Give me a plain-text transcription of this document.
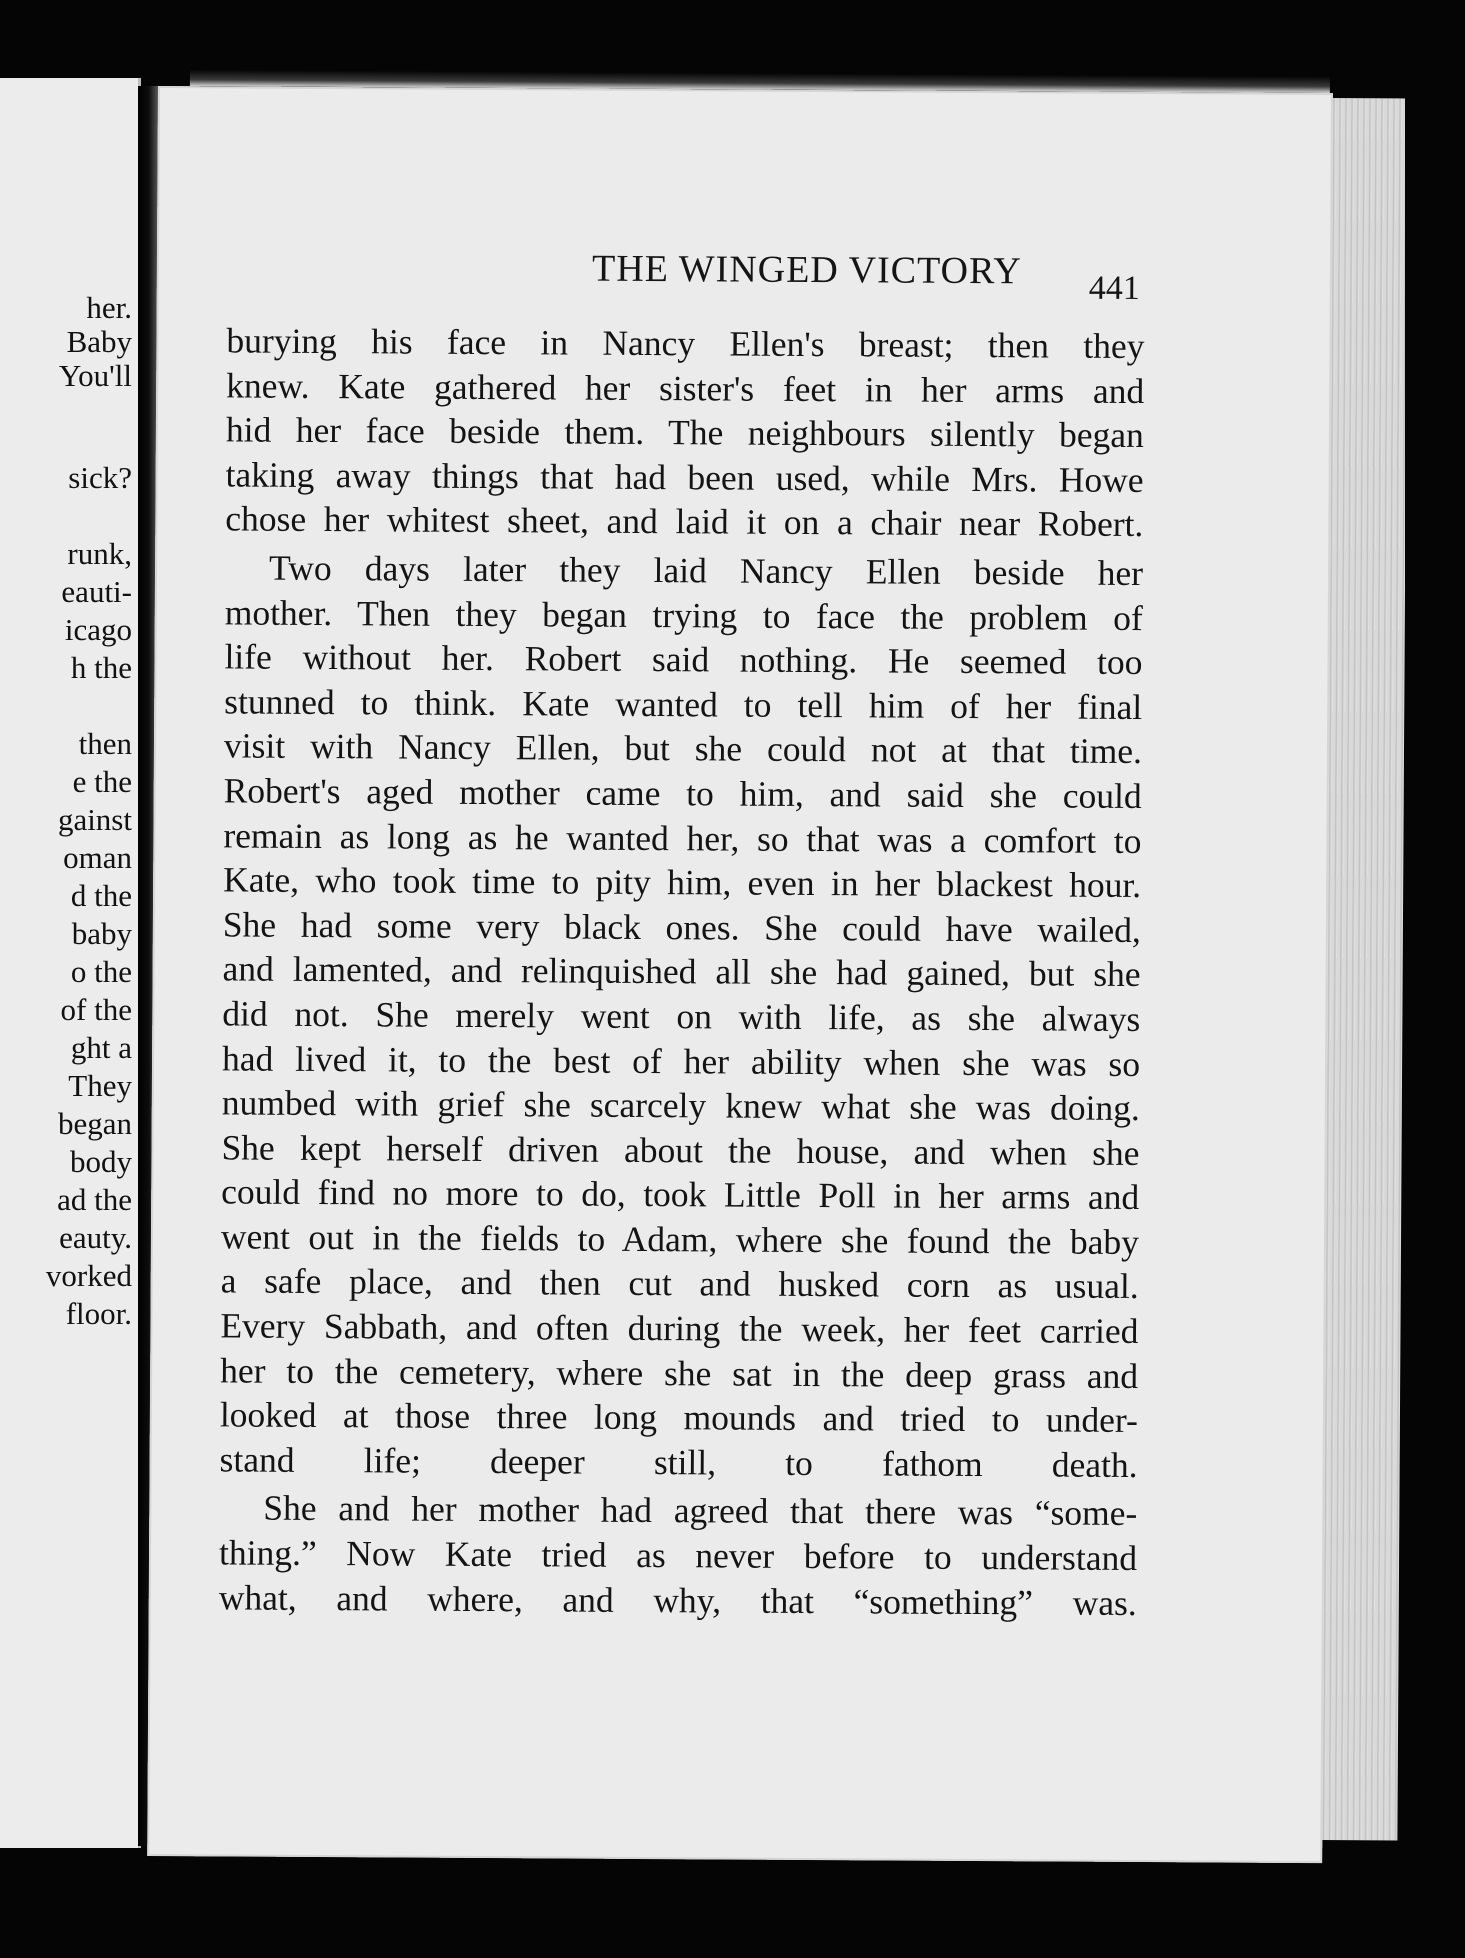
her.
Baby
You'll
sick?
runk,
eauti-
icago
h the
then
e the
gainst
oman
d the
baby
o the
of the
ght a
They
began
body
ad the
eauty.
vorked
floor.
THE WINGED VICTORY	441
burying his face in Nancy Ellen's breast; then they
knew. Kate gathered her sister's feet in her arms and
hid her face beside them. The neighbours silently began
taking away things that had been used, while Mrs. Howe
chose her whitest sheet, and laid it on a chair near Robert.
Two days later they laid Nancy Ellen beside her
mother. Then they began trying to face the problem of
life without her. Robert said nothing. He seemed too
stunned to think. Kate wanted to tell him of her final
visit with Nancy Ellen, but she could not at that time.
Robert's aged mother came to him, and said she could
remain as long as he wanted her, so that was a comfort to
Kate, who took time to pity him, even in her blackest hour.
She had some very black ones. She could have wailed,
and lamented, and relinquished all she had gained, but she
did not. She merely went on with life, as she always
had lived it, to the best of her ability when she was so
numbed with grief she scarcely knew what she was doing.
She kept herself driven about the house, and when she
could find no more to do, took Little Poll in her arms and
went out in the fields to Adam, where she found the baby
a safe place, and then cut and husked corn as usual.
Every Sabbath, and often during the week, her feet carried
her to the cemetery, where she sat in the deep grass and
looked at those three long mounds and tried to under-
stand life; deeper still, to fathom death.
She and her mother had agreed that there was “some-
thing.” Now Kate tried as never before to understand
what, and where, and why, that “something” was.
